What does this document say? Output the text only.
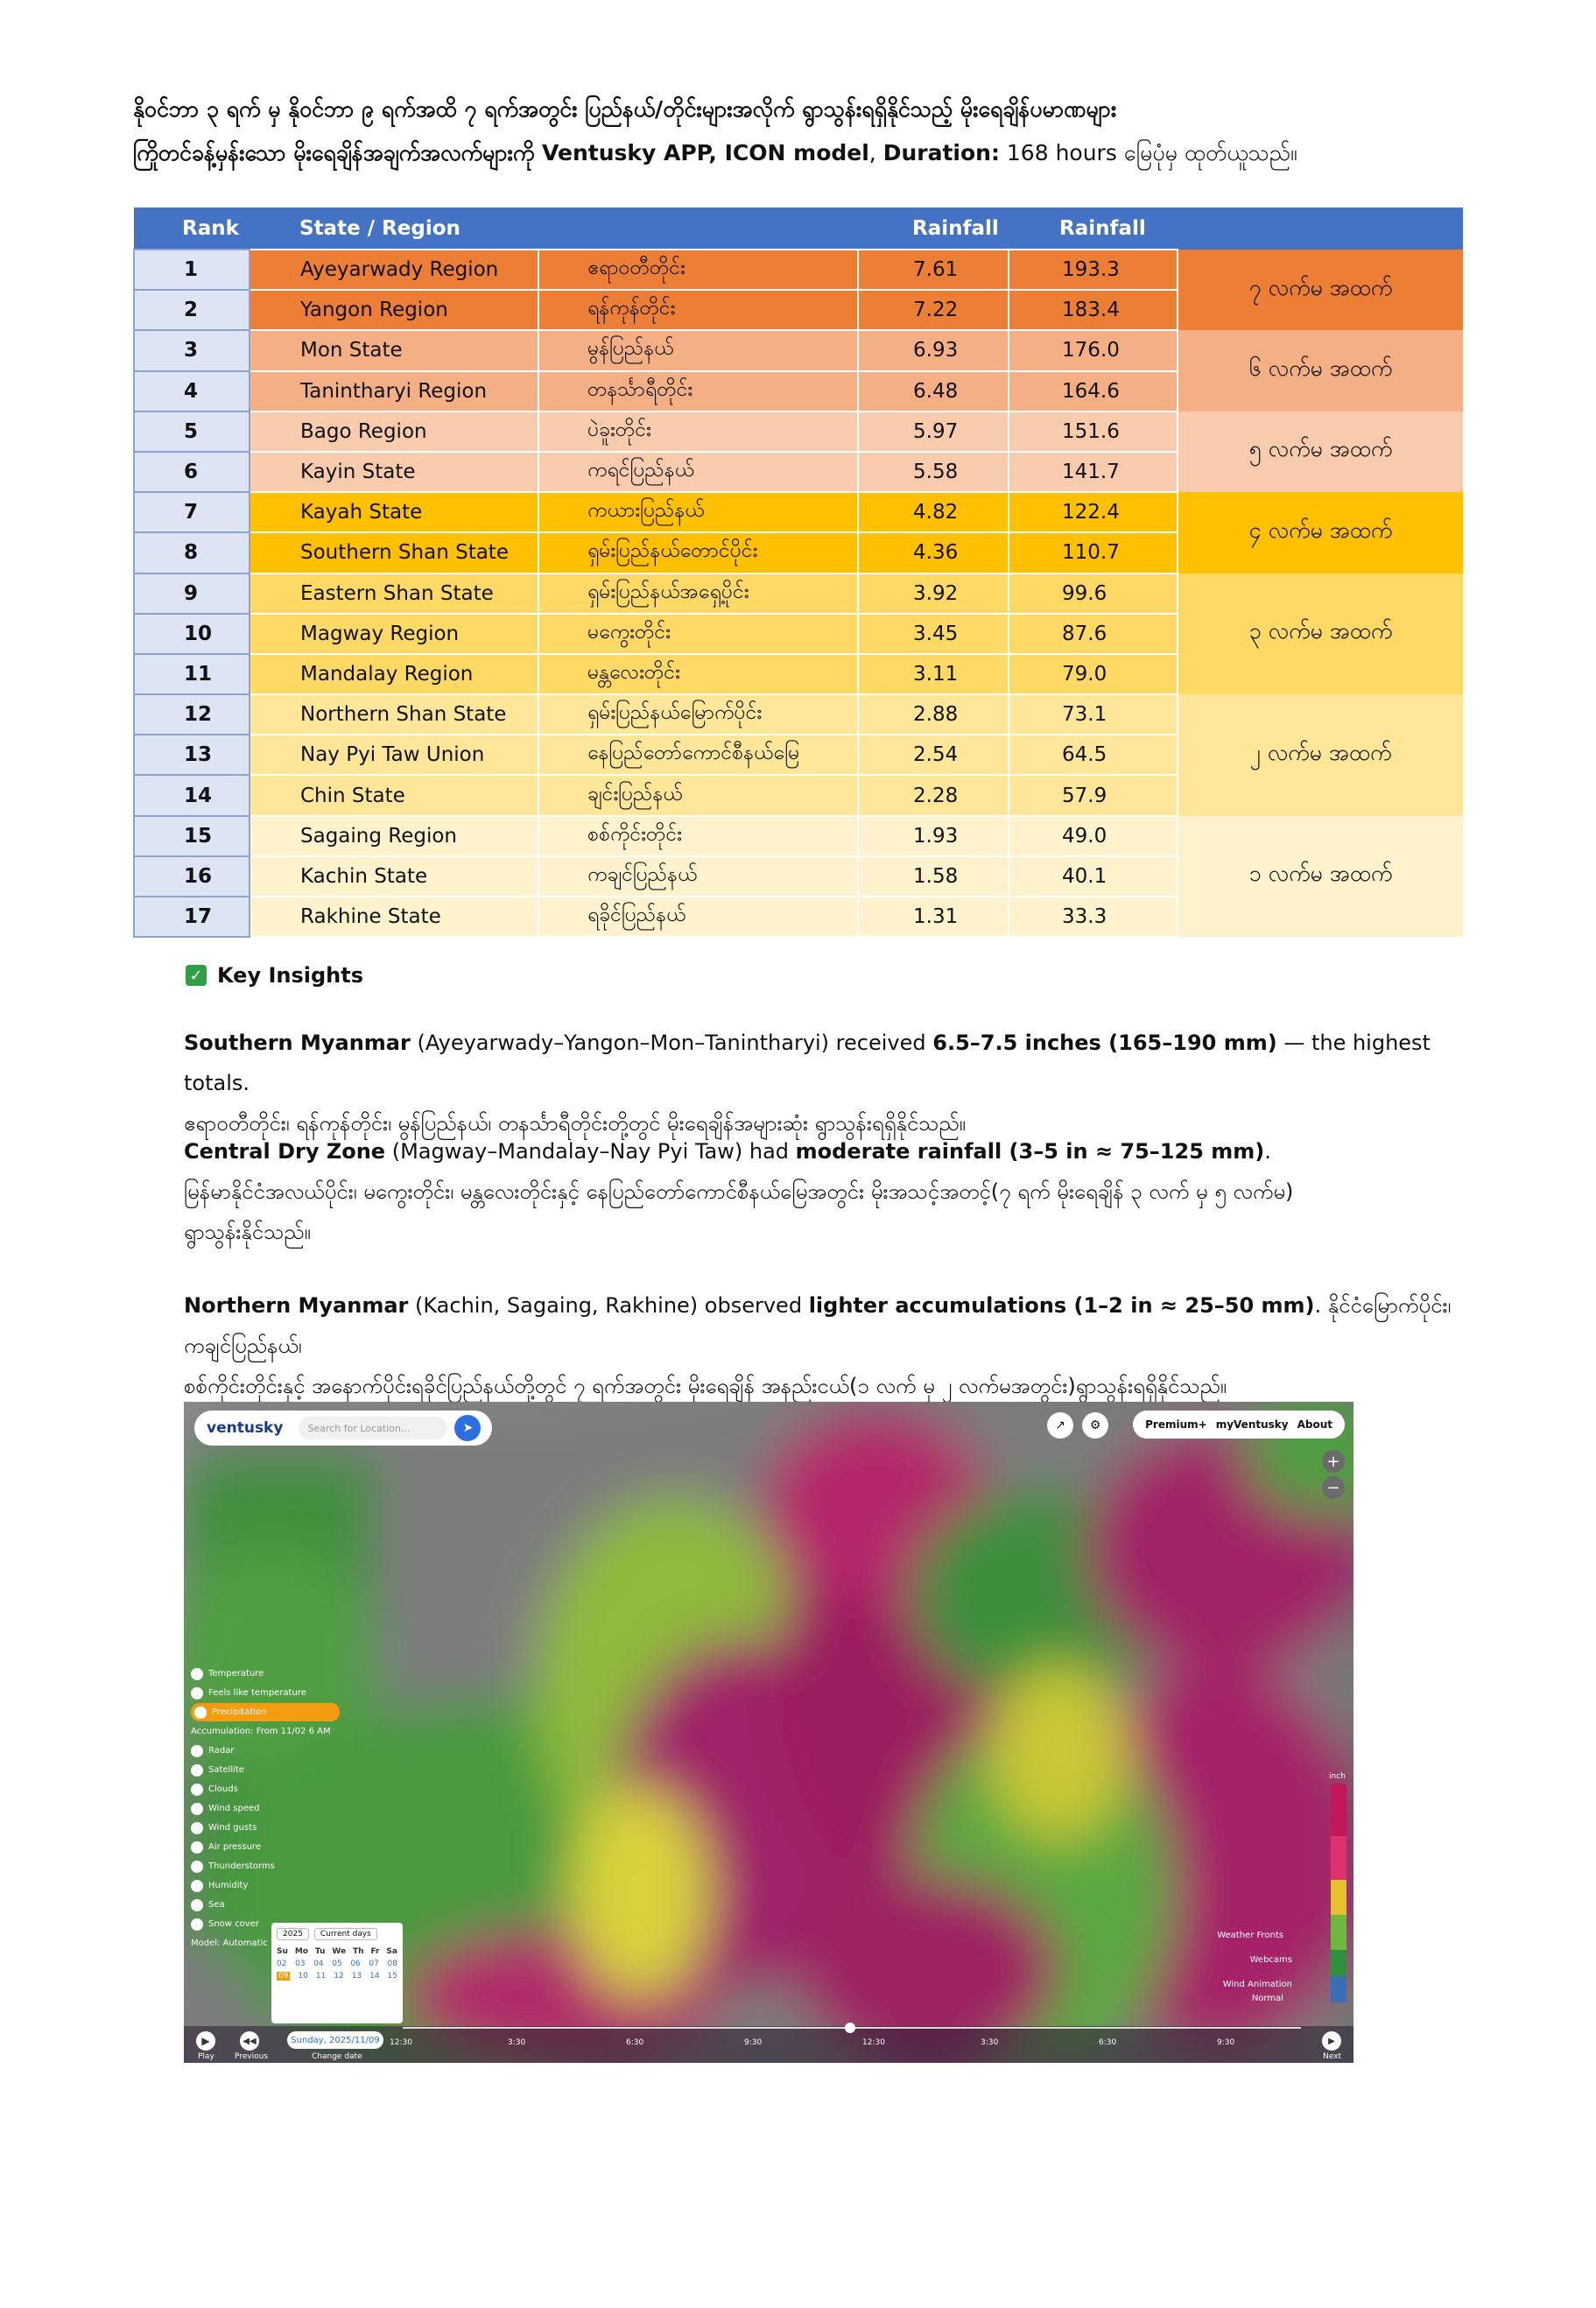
နိုဝင်ဘာ ၃ ရက် မှ နိုဝင်ဘာ ၉ ရက်အထိ ၇ ရက်အတွင်း ပြည်နယ်/တိုင်းများအလိုက် ရွာသွန်းရရှိနိုင်သည့် မိုးရေချိန်ပမာဏများ
ကြိုတင်ခန့်မှန်းသော မိုးရေချိန်အချက်အလက်များကို Ventusky APP, ICON model, Duration: 168 hours မြေပုံမှ ထုတ်ယူသည်။
Rank	State / Region		Rainfall	Rainfall	
1	Ayeyarwady Region	ဧရာဝတီတိုင်း	7.61	193.3	၇ လက်မ အထက်
2	Yangon Region	ရန်ကုန်တိုင်း	7.22	183.4	
3	Mon State	မွန်ပြည်နယ်	6.93	176.0	၆ လက်မ အထက်
4	Tanintharyi Region	တနင်္သာရီတိုင်း	6.48	164.6	
5	Bago Region	ပဲခူးတိုင်း	5.97	151.6	၅ လက်မ အထက်
6	Kayin State	ကရင်ပြည်နယ်	5.58	141.7	
7	Kayah State	ကယားပြည်နယ်	4.82	122.4	၄ လက်မ အထက်
8	Southern Shan State	ရှမ်းပြည်နယ်တောင်ပိုင်း	4.36	110.7	
9	Eastern Shan State	ရှမ်းပြည်နယ်အရှေ့ပိုင်း	3.92	99.6	၃ လက်မ အထက်
10	Magway Region	မကွေးတိုင်း	3.45	87.6	
11	Mandalay Region	မန္တလေးတိုင်း	3.11	79.0	
12	Northern Shan State	ရှမ်းပြည်နယ်မြောက်ပိုင်း	2.88	73.1	၂ လက်မ အထက်
13	Nay Pyi Taw Union	နေပြည်တော်ကောင်စီနယ်မြေ	2.54	64.5	
14	Chin State	ချင်းပြည်နယ်	2.28	57.9	
15	Sagaing Region	စစ်ကိုင်းတိုင်း	1.93	49.0	၁ လက်မ အထက်
16	Kachin State	ကချင်ပြည်နယ်	1.58	40.1	
17	Rakhine State	ရခိုင်ပြည်နယ်	1.31	33.3	
✓ Key Insights
Southern Myanmar (Ayeyarwady–Yangon–Mon–Tanintharyi) received 6.5–7.5 inches (165–190 mm) — the highest totals.
ဧရာဝတီတိုင်း၊ ရန်ကုန်တိုင်း၊ မွန်ပြည်နယ်၊ တနင်္သာရီတိုင်းတို့တွင် မိုးရေချိန်အများဆုံး ရွာသွန်းရရှိနိုင်သည်။
Central Dry Zone (Magway–Mandalay–Nay Pyi Taw) had moderate rainfall (3–5 in ≈ 75–125 mm).
မြန်မာနိုင်ငံအလယ်ပိုင်း၊ မကွေးတိုင်း၊ မန္တလေးတိုင်းနှင့် နေပြည်တော်ကောင်စီနယ်မြေအတွင်း မိုးအသင့်အတင့်(၇ ရက် မိုးရေချိန် ၃ လက် မှ ၅ လက်မ)
ရွာသွန်းနိုင်သည်။
Northern Myanmar (Kachin, Sagaing, Rakhine) observed lighter accumulations (1–2 in ≈ 25–50 mm). နိုင်ငံမြောက်ပိုင်း၊ ကချင်ပြည်နယ်၊
စစ်ကိုင်းတိုင်းနှင့် အနောက်ပိုင်းရခိုင်ပြည်နယ်တို့တွင် ၇ ရက်အတွင်း မိုးရေချိန် အနည်းငယ်(၁ လက် မှ ၂ လက်မအတွင်း)ရွာသွန်းရရှိနိုင်သည်။
ventusky	Search for Location...	➤	↗	⚙	Premium+ myVentusky About
+
−
Temperature
Feels like temperature
Precipitation
Accumulation: From 11/02 6 AM
Radar
Satellite
Clouds
Wind speed
Wind gusts
Air pressure
Thunderstorms
Humidity
Sea
Snow cover
Model: Automatic
2025	Current days
Su Mo Tu We Th Fr Sa
02 03 04 05 06 07 08
09 10 11 12 13 14 15
Weather Fronts
Webcams
Wind Animation
Normal
inch
▶	◀◀	Sunday, 2025/11/09	▶
Play	Previous	Change date	Next
12:30	3:30	6:30	9:30	12:30	3:30	6:30	9:30
